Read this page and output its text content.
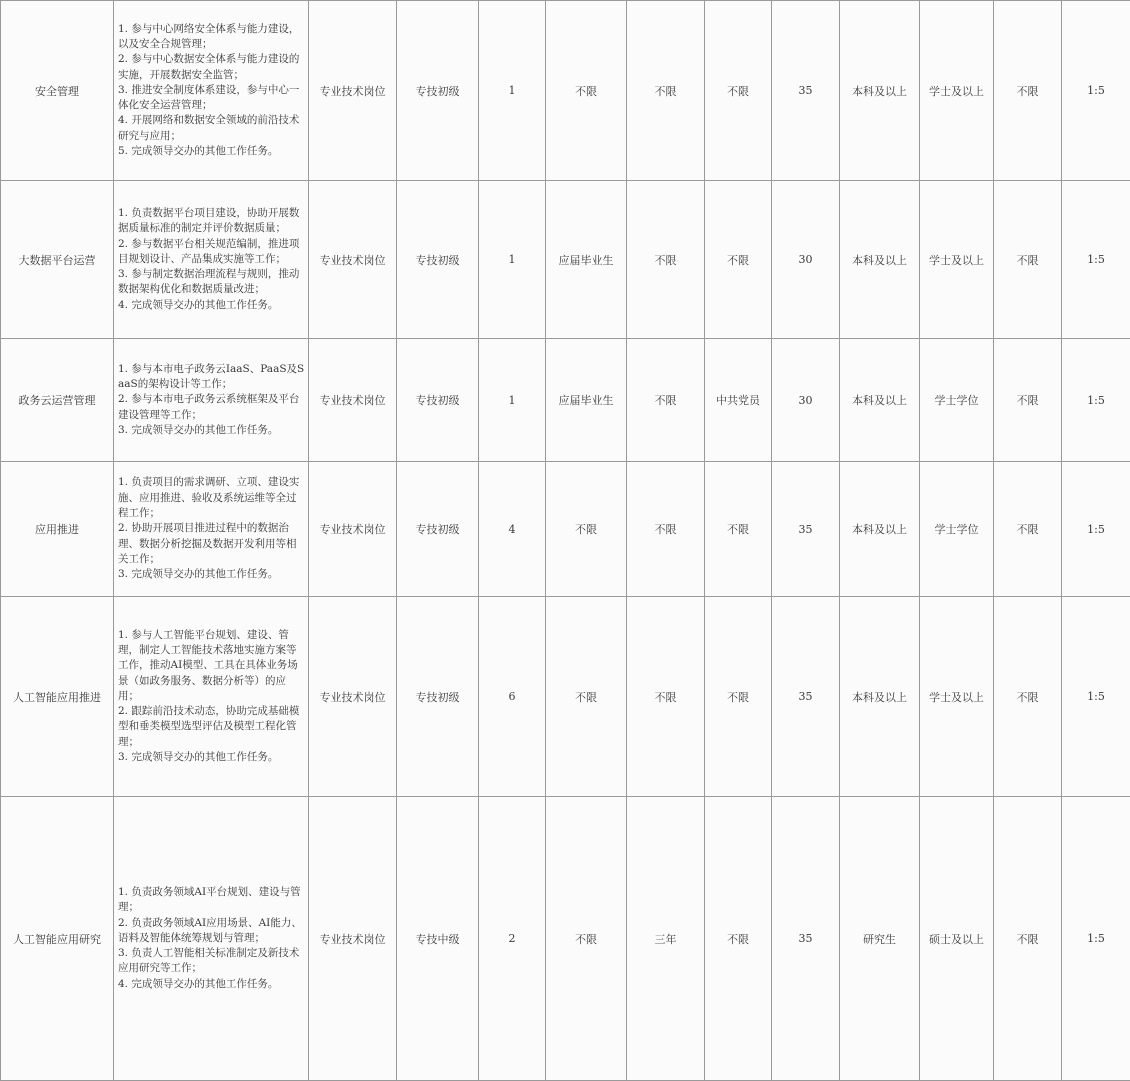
安全管理	1. 参与中心网络安全体系与能力建设，以及安全合规管理；
2. 参与中心数据安全体系与能力建设的实施，开展数据安全监管；
3. 推进安全制度体系建设，参与中心一体化安全运营管理；
4. 开展网络和数据安全领域的前沿技术研究与应用；
5. 完成领导交办的其他工作任务。	专业技术岗位	专技初级	1	不限	不限	不限	35	本科及以上	学士及以上	不限	1:5
大数据平台运营	1. 负责数据平台项目建设，协助开展数据质量标准的制定并评价数据质量；
2. 参与数据平台相关规范编制，推进项目规划设计、产品集成实施等工作；
3. 参与制定数据治理流程与规则，推动数据架构优化和数据质量改进；
4. 完成领导交办的其他工作任务。	专业技术岗位	专技初级	1	应届毕业生	不限	不限	30	本科及以上	学士及以上	不限	1:5
政务云运营管理	1. 参与本市电子政务云IaaS、PaaS及SaaS的架构设计等工作；
2. 参与本市电子政务云系统框架及平台建设管理等工作；
3. 完成领导交办的其他工作任务。	专业技术岗位	专技初级	1	应届毕业生	不限	中共党员	30	本科及以上	学士学位	不限	1:5
应用推进	1. 负责项目的需求调研、立项、建设实施、应用推进、验收及系统运维等全过程工作；
2. 协助开展项目推进过程中的数据治理、数据分析挖掘及数据开发利用等相关工作；
3. 完成领导交办的其他工作任务。	专业技术岗位	专技初级	4	不限	不限	不限	35	本科及以上	学士学位	不限	1:5
人工智能应用推进	1. 参与人工智能平台规划、建设、管理，制定人工智能技术落地实施方案等工作，推动AI模型、工具在具体业务场景（如政务服务、数据分析等）的应用；
2. 跟踪前沿技术动态，协助完成基础模型和垂类模型选型评估及模型工程化管理；
3. 完成领导交办的其他工作任务。	专业技术岗位	专技初级	6	不限	不限	不限	35	本科及以上	学士及以上	不限	1:5
人工智能应用研究	1. 负责政务领域AI平台规划、建设与管理；
2. 负责政务领域AI应用场景、AI能力、语料及智能体统筹规划与管理；
3. 负责人工智能相关标准制定及新技术应用研究等工作；
4. 完成领导交办的其他工作任务。	专业技术岗位	专技中级	2	不限	三年	不限	35	研究生	硕士及以上	不限	1:5
